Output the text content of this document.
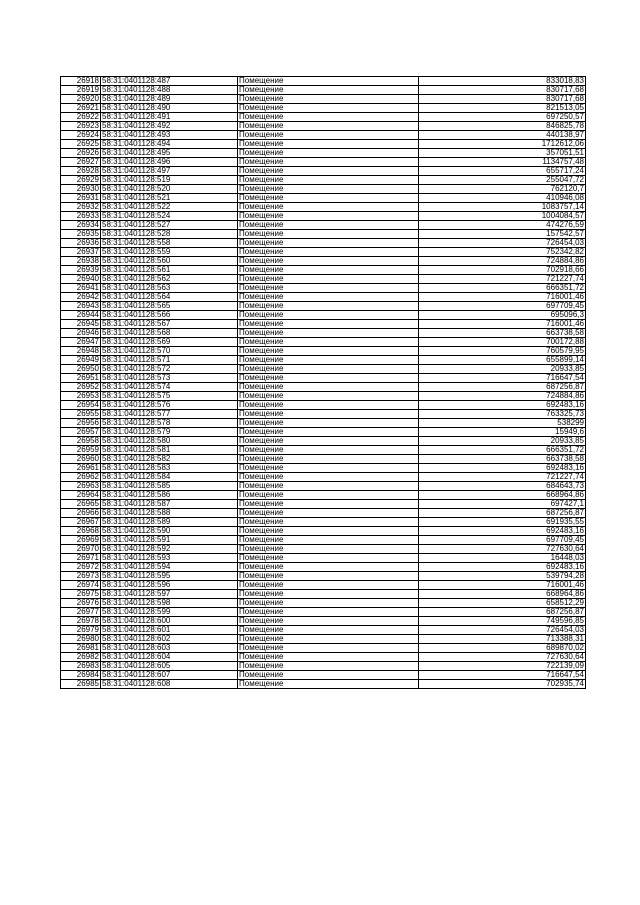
26918	58:31:0401128:487	Помещение	833018,83
26919	58:31:0401128:488	Помещение	830717,68
26920	58:31:0401128:489	Помещение	830717,68
26921	58:31:0401128:490	Помещение	821513,05
26922	58:31:0401128:491	Помещение	697250,57
26923	58:31:0401128:492	Помещение	846825,78
26924	58:31:0401128:493	Помещение	440138,97
26925	58:31:0401128:494	Помещение	1712612,06
26926	58:31:0401128:495	Помещение	357051,51
26927	58:31:0401128:496	Помещение	1134757,48
26928	58:31:0401128:497	Помещение	655717,24
26929	58:31:0401128:519	Помещение	255047,72
26930	58:31:0401128:520	Помещение	762120,7
26931	58:31:0401128:521	Помещение	410946,08
26932	58:31:0401128:522	Помещение	1083757,14
26933	58:31:0401128:524	Помещение	1004084,57
26934	58:31:0401128:527	Помещение	474276,59
26935	58:31:0401128:528	Помещение	157542,57
26936	58:31:0401128:558	Помещение	726454,03
26937	58:31:0401128:559	Помещение	752342,82
26938	58:31:0401128:560	Помещение	724884,86
26939	58:31:0401128:561	Помещение	702918,66
26940	58:31:0401128:562	Помещение	721227,74
26941	58:31:0401128:563	Помещение	666351,72
26942	58:31:0401128:564	Помещение	716001,46
26943	58:31:0401128:565	Помещение	697709,45
26944	58:31:0401128:566	Помещение	695096,3
26945	58:31:0401128:567	Помещение	716001,46
26946	58:31:0401128:568	Помещение	663738,58
26947	58:31:0401128:569	Помещение	700172,88
26948	58:31:0401128:570	Помещение	760579,95
26949	58:31:0401128:571	Помещение	655899,14
26950	58:31:0401128:572	Помещение	20933,85
26951	58:31:0401128:573	Помещение	716647,54
26952	58:31:0401128:574	Помещение	687256,87
26953	58:31:0401128:575	Помещение	724884,86
26954	58:31:0401128:576	Помещение	692483,16
26955	58:31:0401128:577	Помещение	763325,73
26956	58:31:0401128:578	Помещение	538299
26957	58:31:0401128:579	Помещение	15949,6
26958	58:31:0401128:580	Помещение	20933,85
26959	58:31:0401128:581	Помещение	666351,72
26960	58:31:0401128:582	Помещение	663738,58
26961	58:31:0401128:583	Помещение	692483,16
26962	58:31:0401128:584	Помещение	721227,74
26963	58:31:0401128:585	Помещение	684643,73
26964	58:31:0401128:586	Помещение	668964,86
26965	58:31:0401128:587	Помещение	697427,1
26966	58:31:0401128:588	Помещение	687256,87
26967	58:31:0401128:589	Помещение	691935,55
26968	58:31:0401128:590	Помещение	692483,16
26969	58:31:0401128:591	Помещение	697709,45
26970	58:31:0401128:592	Помещение	727630,64
26971	58:31:0401128:593	Помещение	16448,03
26972	58:31:0401128:594	Помещение	692483,16
26973	58:31:0401128:595	Помещение	539794,28
26974	58:31:0401128:596	Помещение	716001,46
26975	58:31:0401128:597	Помещение	668964,86
26976	58:31:0401128:598	Помещение	658512,29
26977	58:31:0401128:599	Помещение	687256,87
26978	58:31:0401128:600	Помещение	749596,85
26979	58:31:0401128:601	Помещение	726454,03
26980	58:31:0401128:602	Помещение	713388,31
26981	58:31:0401128:603	Помещение	689870,02
26982	58:31:0401128:604	Помещение	727630,64
26983	58:31:0401128:605	Помещение	722139,09
26984	58:31:0401128:607	Помещение	716647,54
26985	58:31:0401128:608	Помещение	702935,74
